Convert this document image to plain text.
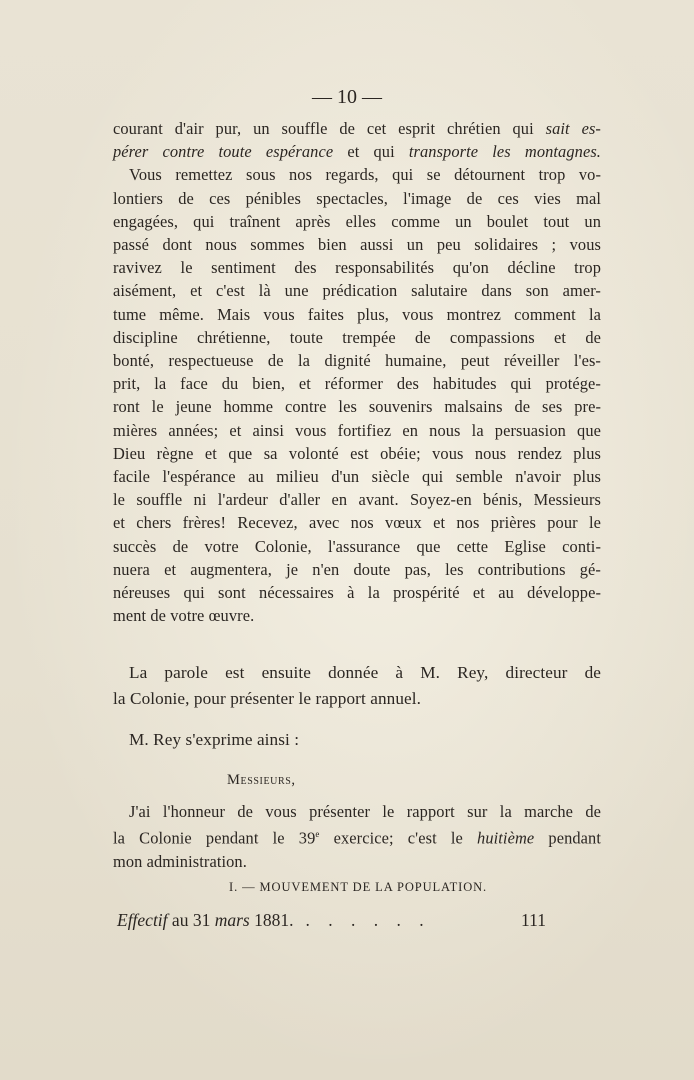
— 10 —
courant d'air pur, un souffle de cet esprit chrétien qui sait es-
pérer contre toute espérance et qui transporte les montagnes.
Vous remettez sous nos regards, qui se détournent trop vo-
lontiers de ces pénibles spectacles, l'image de ces vies mal
engagées, qui traînent après elles comme un boulet tout un
passé dont nous sommes bien aussi un peu solidaires ; vous
ravivez le sentiment des responsabilités qu'on décline trop
aisément, et c'est là une prédication salutaire dans son amer-
tume même. Mais vous faites plus, vous montrez comment la
discipline chrétienne, toute trempée de compassions et de
bonté, respectueuse de la dignité humaine, peut réveiller l'es-
prit, la face du bien, et réformer des habitudes qui protége-
ront le jeune homme contre les souvenirs malsains de ses pre-
mières années; et ainsi vous fortifiez en nous la persuasion que
Dieu règne et que sa volonté est obéie; vous nous rendez plus
facile l'espérance au milieu d'un siècle qui semble n'avoir plus
le souffle ni l'ardeur d'aller en avant. Soyez-en bénis, Messieurs
et chers frères! Recevez, avec nos vœux et nos prières pour le
succès de votre Colonie, l'assurance que cette Eglise conti-
nuera et augmentera, je n'en doute pas, les contributions gé-
néreuses qui sont nécessaires à la prospérité et au développe-
ment de votre œuvre.
La parole est ensuite donnée à M. Rey, directeur de
la Colonie, pour présenter le rapport annuel.
M. Rey s'exprime ainsi :
Messieurs,
J'ai l'honneur de vous présenter le rapport sur la marche de
la Colonie pendant le 39e exercice; c'est le huitième pendant
mon administration.
I. — MOUVEMENT DE LA POPULATION.
Effectif au 31 mars 1881. . . . . . .	111
